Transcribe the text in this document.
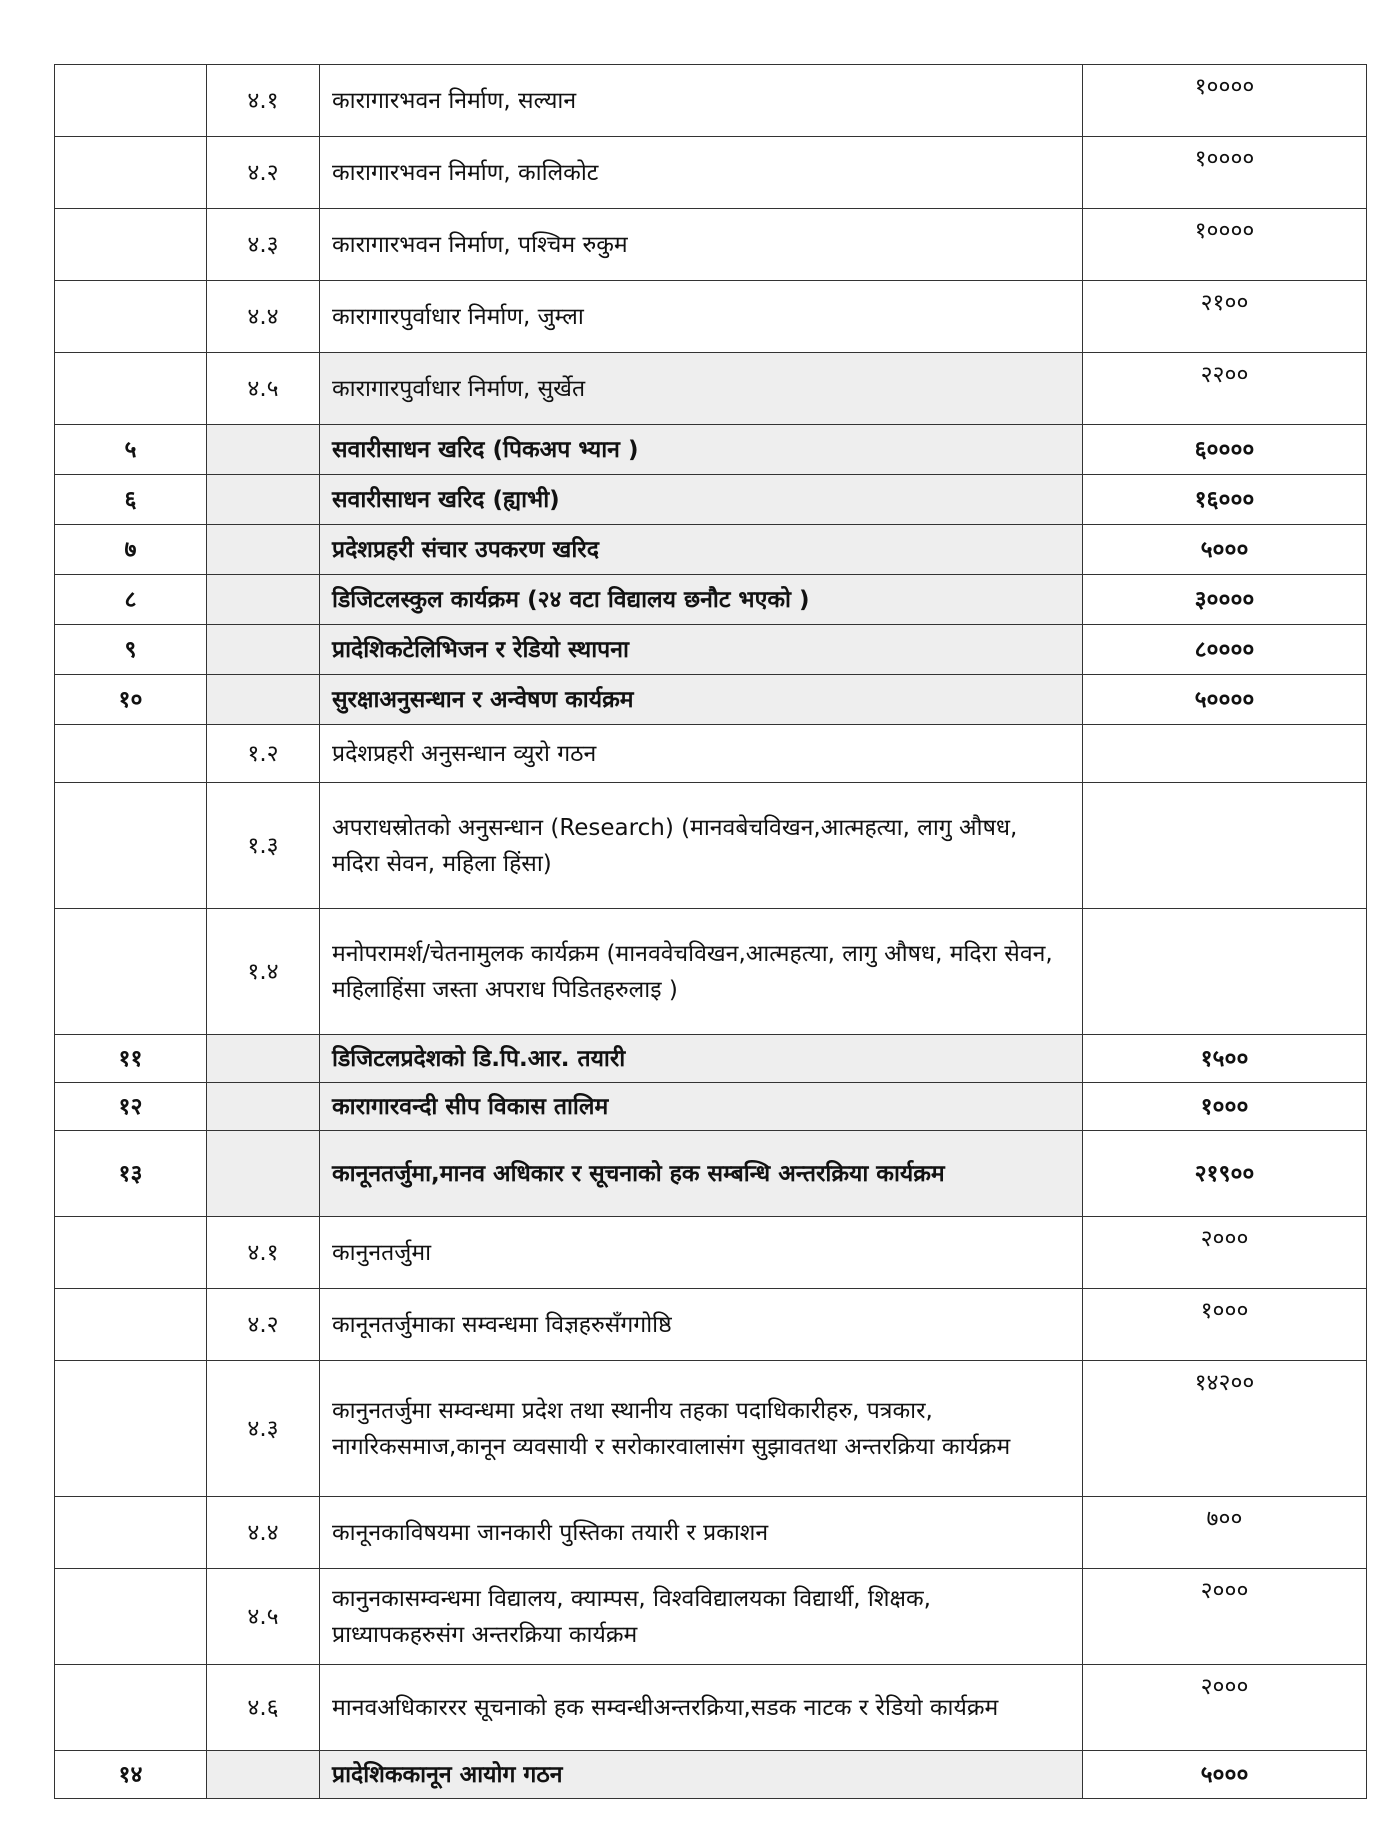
	४.१	कारागारभवन निर्माण, सल्यान	१००००
	४.२	कारागारभवन निर्माण, कालिकोट	१००००
	४.३	कारागारभवन निर्माण, पश्चिम रुकुम	१००००
	४.४	कारागारपुर्वाधार निर्माण, जुम्ला	२१००
	४.५	कारागारपुर्वाधार निर्माण, सुर्खेत	२२००
५		सवारीसाधन खरिद (पिकअप भ्यान )	६००००
६		सवारीसाधन खरिद (ह्याभी)	१६०००
७		प्रदेशप्रहरी संचार उपकरण खरिद	५०००
८		डिजिटलस्कुल कार्यक्रम (२४ वटा विद्यालय छनौट भएको )	३००००
९		प्रादेशिकटेलिभिजन र रेडियो स्थापना	८००००
१०		सुरक्षाअनुसन्धान र अन्वेषण कार्यक्रम	५००००
	१.२	प्रदेशप्रहरी अनुसन्धान व्युरो गठन	
	१.३	अपराधस्रोतको अनुसन्धान (Research) (मानवबेचविखन,आत्महत्या, लागु औषध, मदिरा सेवन, महिला हिंसा)	
	१.४	मनोपरामर्श/चेतनामुलक कार्यक्रम (मानववेचविखन,आत्महत्या, लागु औषध, मदिरा सेवन, महिलाहिंसा जस्ता अपराध पिडितहरुलाइ )	
११		डिजिटलप्रदेशको डि.पि.आर. तयारी	१५००
१२		कारागारवन्दी सीप विकास तालिम	१०००
१३		कानूनतर्जुमा,मानव अधिकार र सूचनाको हक सम्बन्धि अन्तरक्रिया कार्यक्रम	२१९००
	४.१	कानुनतर्जुमा	२०००
	४.२	कानूनतर्जुमाका सम्वन्धमा विज्ञहरुसँगगोष्ठि	१०००
	४.३	कानुनतर्जुमा सम्वन्धमा प्रदेश तथा स्थानीय तहका पदाधिकारीहरु, पत्रकार, नागरिकसमाज,कानून व्यवसायी र सरोकारवालासंग सुझावतथा अन्तरक्रिया कार्यक्रम	१४२००
	४.४	कानूनकाविषयमा जानकारी पुस्तिका तयारी र प्रकाशन	७००
	४.५	कानुनकासम्वन्धमा विद्यालय, क्याम्पस, विश्वविद्यालयका विद्यार्थी, शिक्षक, प्राध्यापकहरुसंग अन्तरक्रिया कार्यक्रम	२०००
	४.६	मानवअधिकाररर सूचनाको हक सम्वन्धीअन्तरक्रिया,सडक नाटक र रेडियो कार्यक्रम	२०००
१४		प्रादेशिककानून आयोग गठन	५०००
